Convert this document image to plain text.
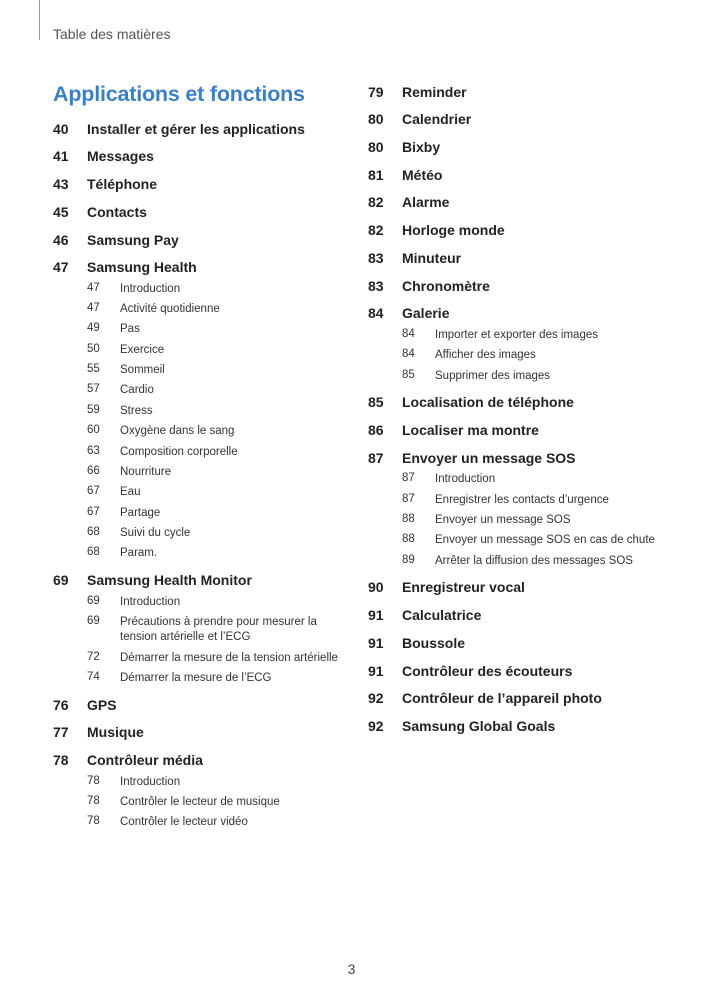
Table des matières
Applications et fonctions
40 Installer et gérer les applications
41 Messages
43 Téléphone
45 Contacts
46 Samsung Pay
47 Samsung Health
47 Introduction
47 Activité quotidienne
49 Pas
50 Exercice
55 Sommeil
57 Cardio
59 Stress
60 Oxygène dans le sang
63 Composition corporelle
66 Nourriture
67 Eau
67 Partage
68 Suivi du cycle
68 Param.
69 Samsung Health Monitor
69 Introduction
69 Précautions à prendre pour mesurer la tension artérielle et l’ECG
72 Démarrer la mesure de la tension artérielle
74 Démarrer la mesure de l’ECG
76 GPS
77 Musique
78 Contrôleur média
78 Introduction
78 Contrôler le lecteur de musique
78 Contrôler le lecteur vidéo
79 Reminder
80 Calendrier
80 Bixby
81 Météo
82 Alarme
82 Horloge monde
83 Minuteur
83 Chronomètre
84 Galerie
84 Importer et exporter des images
84 Afficher des images
85 Supprimer des images
85 Localisation de téléphone
86 Localiser ma montre
87 Envoyer un message SOS
87 Introduction
87 Enregistrer les contacts d’urgence
88 Envoyer un message SOS
88 Envoyer un message SOS en cas de chute
89 Arrêter la diffusion des messages SOS
90 Enregistreur vocal
91 Calculatrice
91 Boussole
91 Contrôleur des écouteurs
92 Contrôleur de l’appareil photo
92 Samsung Global Goals
3
